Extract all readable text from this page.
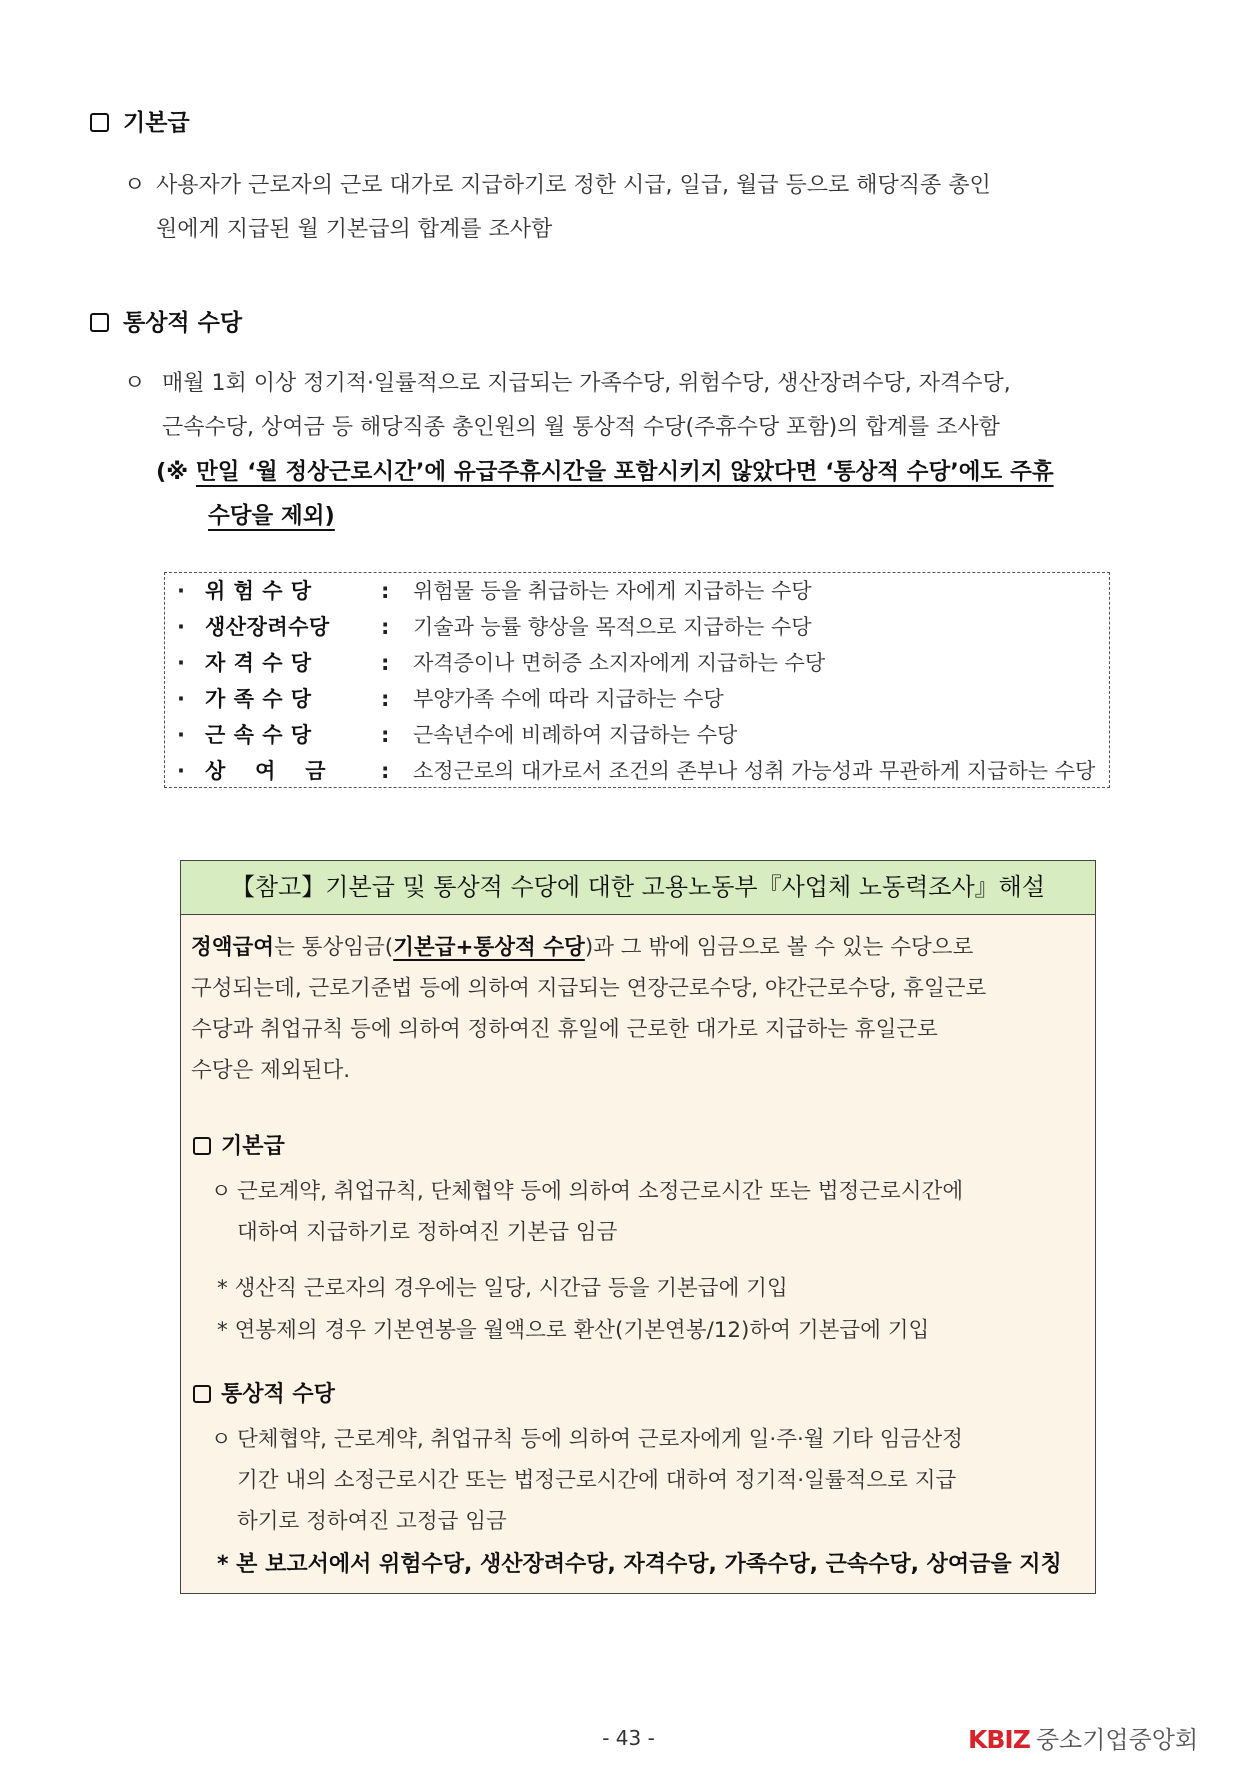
기본급
ㅇ 사용자가 근로자의 근로 대가로 지급하기로 정한 시급, 일급, 월급 등으로 해당직종 총인
원에게 지급된 월 기본급의 합계를 조사함
통상적 수당
ㅇ 매월 1회 이상 정기적·일률적으로 지급되는 가족수당, 위험수당, 생산장려수당, 자격수당,
근속수당, 상여금 등 해당직종 총인원의 월 통상적 수당(주휴수당 포함)의 합계를 조사함
(※ 만일 ‘월 정상근로시간’에 유급주휴시간을 포함시키지 않았다면 ‘통상적 수당’에도 주휴
수당을 제외)
· 위 험 수 당	: 위험물 등을 취급하는 자에게 지급하는 수당
· 생산장려수당 : 기술과 능률 향상을 목적으로 지급하는 수당
· 자 격 수 당	: 자격증이나 면허증 소지자에게 지급하는 수당
· 가 족 수 당	: 부양가족 수에 따라 지급하는 수당
· 근 속 수 당	: 근속년수에 비례하여 지급하는 수당
· 상　 여　 금	: 소정근로의 대가로서 조건의 존부나 성취 가능성과 무관하게 지급하는 수당
【참고】기본급 및 통상적 수당에 대한 고용노동부『사업체 노동력조사』해설
정액급여는 통상임금(기본급+통상적 수당)과 그 밖에 임금으로 볼 수 있는 수당으로
구성되는데, 근로기준법 등에 의하여 지급되는 연장근로수당, 야간근로수당, 휴일근로
수당과 취업규칙 등에 의하여 정하여진 휴일에 근로한 대가로 지급하는 휴일근로
수당은 제외된다.
기본급
ㅇ 근로계약, 취업규칙, 단체협약 등에 의하여 소정근로시간 또는 법정근로시간에
대하여 지급하기로 정하여진 기본급 임금
* 생산직 근로자의 경우에는 일당, 시간급 등을 기본급에 기입
* 연봉제의 경우 기본연봉을 월액으로 환산(기본연봉/12)하여 기본급에 기입
통상적 수당
ㅇ 단체협약, 근로계약, 취업규칙 등에 의하여 근로자에게 일·주·월 기타 임금산정
기간 내의 소정근로시간 또는 법정근로시간에 대하여 정기적·일률적으로 지급
하기로 정하여진 고정급 임금
* 본 보고서에서 위험수당, 생산장려수당, 자격수당, 가족수당, 근속수당, 상여금을 지칭
- 43 -	KBIZ 중소기업중앙회
